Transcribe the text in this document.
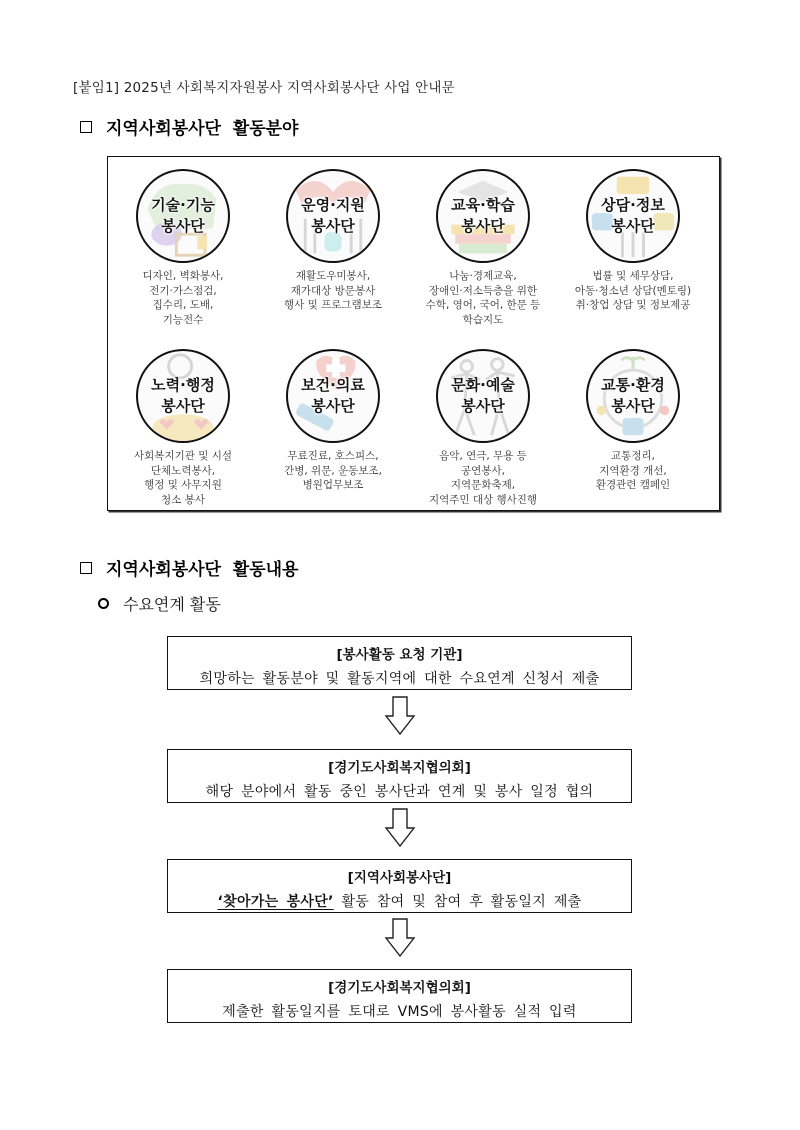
[붙임1] 2025년 사회복지자원봉사 지역사회봉사단 사업 안내문
지역사회봉사단  활동분야
기술·기능
봉사단
디자인, 벽화봉사,
전기·가스점검,
집수리, 도배,
기능전수
운영·지원
봉사단
재활도우미봉사,
재가대상 방문봉사
행사 및 프로그램보조
교육·학습
봉사단
나눔·경제교육,
장애인·저소득층을 위한
수학, 영어, 국어, 한문 등
학습지도
상담·정보
봉사단
법률 및 세무상담,
아동·청소년 상담(멘토링)
취·창업 상담 및 정보제공
노력·행정
봉사단
사회복지기관 및 시설
단체노력봉사,
행정 및 사무지원
청소 봉사
보건·의료
봉사단
무료진료, 호스피스,
간병, 위문, 운동보조,
병원업무보조
문화·예술
봉사단
음악, 연극, 무용 등
공연봉사,
지역문화축제,
지역주민 대상 행사진행
교통·환경
봉사단
교통정리,
지역환경 개선,
환경관련 캠페인
지역사회봉사단  활동내용
수요연계 활동
[봉사활동 요청 기관]
희망하는 활동분야 및 활동지역에 대한 수요연계 신청서 제출
[경기도사회복지협의회]
해당 분야에서 활동 중인 봉사단과 연계 및 봉사 일정 협의
[지역사회봉사단]
‘찾아가는 봉사단’ 활동 참여 및 참여 후 활동일지 제출
[경기도사회복지협의회]
제출한 활동일지를 토대로 VMS에 봉사활동 실적 입력
